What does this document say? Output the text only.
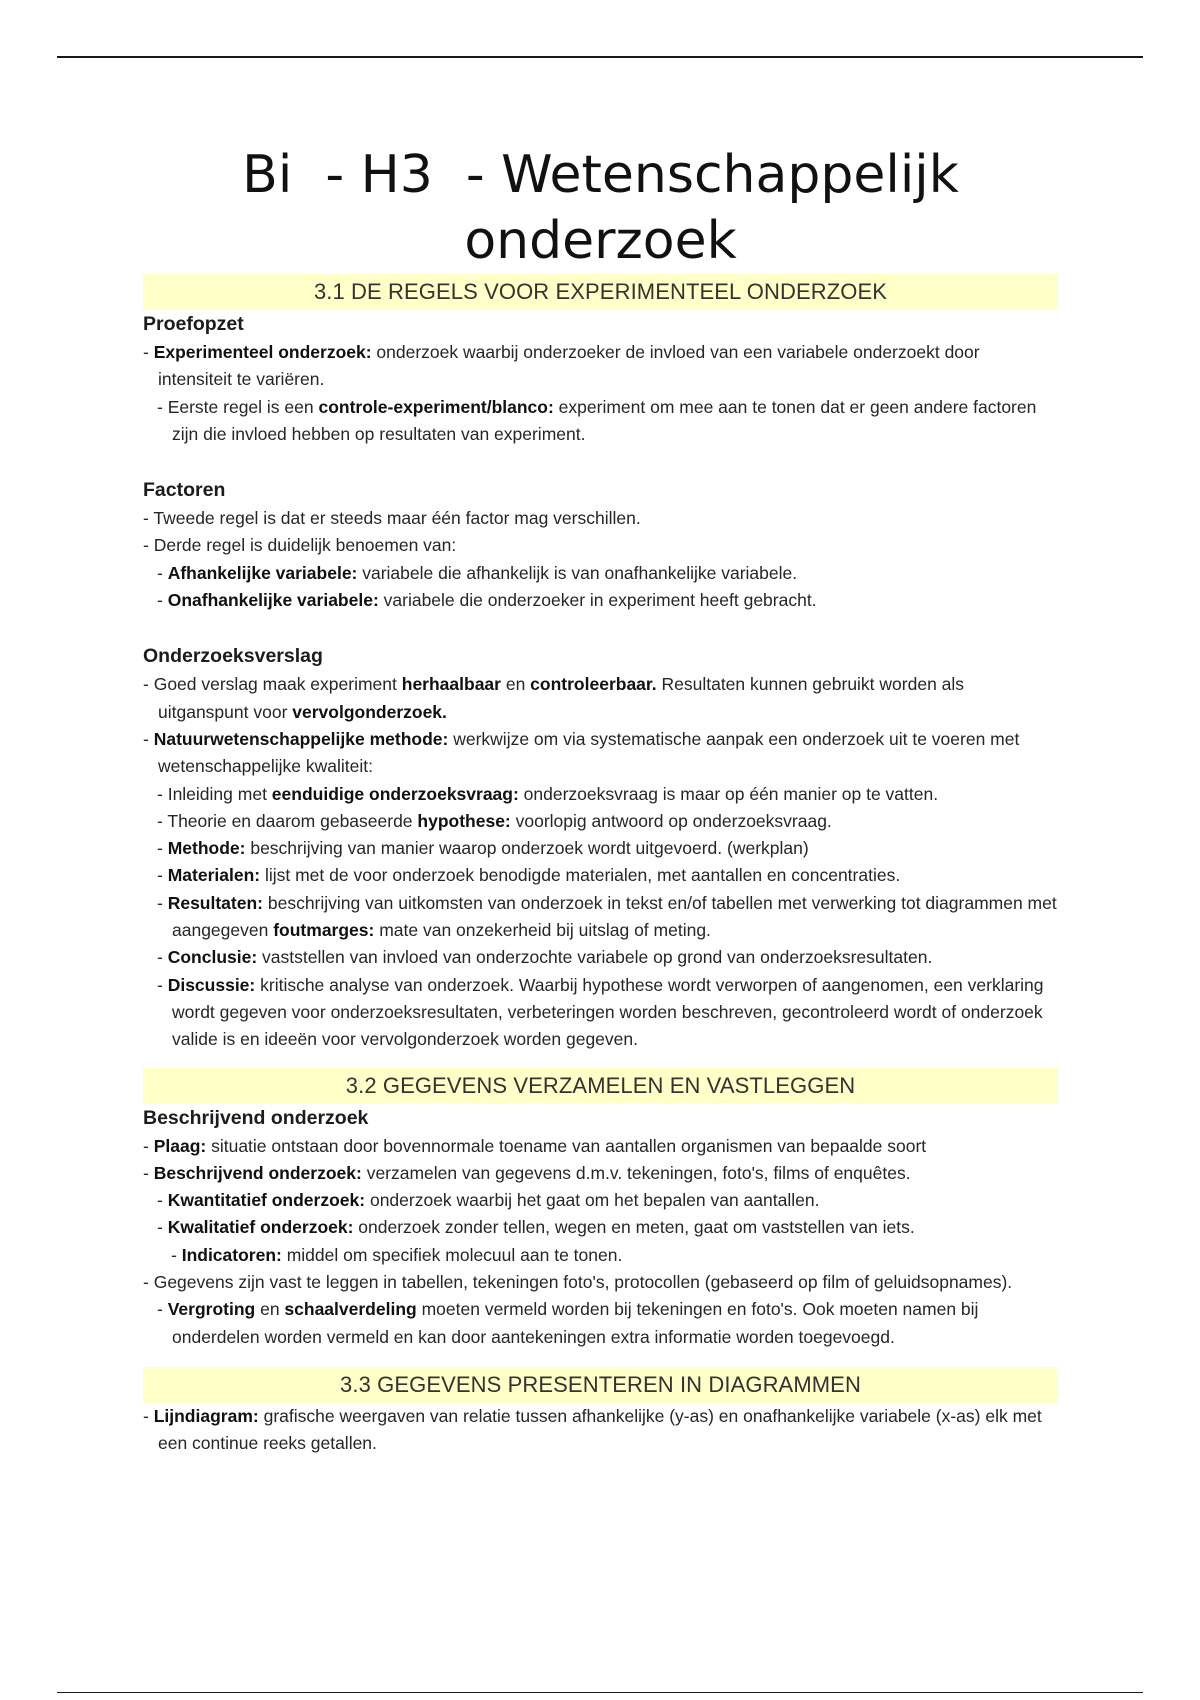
Bi  - H3  - Wetenschappelijk
onderzoek
3.1 DE REGELS VOOR EXPERIMENTEEL ONDERZOEK
Proefopzet
- Experimenteel onderzoek: onderzoek waarbij onderzoeker de invloed van een variabele onderzoekt door intensiteit te variëren.
- Eerste regel is een controle-experiment/blanco: experiment om mee aan te tonen dat er geen andere factoren zijn die invloed hebben op resultaten van experiment.
Factoren
- Tweede regel is dat er steeds maar één factor mag verschillen.
- Derde regel is duidelijk benoemen van:
- Afhankelijke variabele: variabele die afhankelijk is van onafhankelijke variabele.
- Onafhankelijke variabele: variabele die onderzoeker in experiment heeft gebracht.
Onderzoeksverslag
- Goed verslag maak experiment herhaalbaar en controleerbaar. Resultaten kunnen gebruikt worden als uitganspunt voor vervolgonderzoek.
- Natuurwetenschappelijke methode: werkwijze om via systematische aanpak een onderzoek uit te voeren met wetenschappelijke kwaliteit:
- Inleiding met eenduidige onderzoeksvraag: onderzoeksvraag is maar op één manier op te vatten.
- Theorie en daarom gebaseerde hypothese: voorlopig antwoord op onderzoeksvraag.
- Methode: beschrijving van manier waarop onderzoek wordt uitgevoerd. (werkplan)
- Materialen: lijst met de voor onderzoek benodigde materialen, met aantallen en concentraties.
- Resultaten: beschrijving van uitkomsten van onderzoek in tekst en/of tabellen met verwerking tot diagrammen met aangegeven foutmarges: mate van onzekerheid bij uitslag of meting.
- Conclusie: vaststellen van invloed van onderzochte variabele op grond van onderzoeksresultaten.
- Discussie: kritische analyse van onderzoek. Waarbij hypothese wordt verworpen of aangenomen, een verklaring wordt gegeven voor onderzoeksresultaten, verbeteringen worden beschreven, gecontroleerd wordt of onderzoek valide is en ideeën voor vervolgonderzoek worden gegeven.
3.2 GEGEVENS VERZAMELEN EN VASTLEGGEN
Beschrijvend onderzoek
- Plaag: situatie ontstaan door bovennormale toename van aantallen organismen van bepaalde soort
- Beschrijvend onderzoek: verzamelen van gegevens d.m.v. tekeningen, foto's, films of enquêtes.
- Kwantitatief onderzoek: onderzoek waarbij het gaat om het bepalen van aantallen.
- Kwalitatief onderzoek: onderzoek zonder tellen, wegen en meten, gaat om vaststellen van iets.
- Indicatoren: middel om specifiek molecuul aan te tonen.
- Gegevens zijn vast te leggen in tabellen, tekeningen foto's, protocollen (gebaseerd op film of geluidsopnames).
- Vergroting en schaalverdeling moeten vermeld worden bij tekeningen en foto's. Ook moeten namen bij onderdelen worden vermeld en kan door aantekeningen extra informatie worden toegevoegd.
3.3 GEGEVENS PRESENTEREN IN DIAGRAMMEN
- Lijndiagram: grafische weergaven van relatie tussen afhankelijke (y-as) en onafhankelijke variabele (x-as) elk met een continue reeks getallen.
